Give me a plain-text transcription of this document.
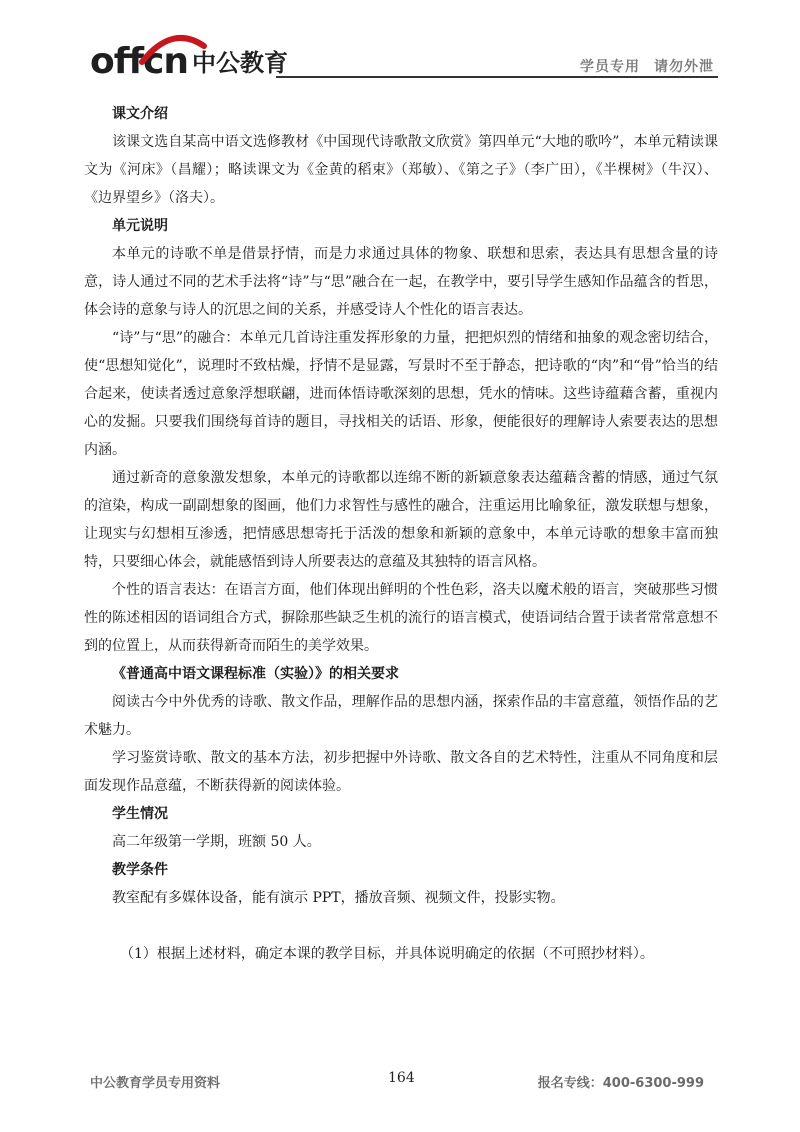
offcn 中公教育	学员专用 请勿外泄
课文介绍

该课文选自某高中语文选修教材《中国现代诗歌散文欣赏》第四单元“大地的歌吟”，本单元精读课文为《河床》（昌耀）；略读课文为《金黄的稻束》（郑敏）、《第之子》（李广田），《半棵树》（牛汉）、《边界望乡》（洛夫）。

单元说明

本单元的诗歌不单是借景抒情，而是力求通过具体的物象、联想和思索，表达具有思想含量的诗意，诗人通过不同的艺术手法将“诗”与“思”融合在一起，在教学中，要引导学生感知作品蕴含的哲思，体会诗的意象与诗人的沉思之间的关系，并感受诗人个性化的语言表达。

“诗”与“思”的融合：本单元几首诗注重发挥形象的力量，把把炽烈的情绪和抽象的观念密切结合，使“思想知觉化”，说理时不致枯燥，抒情不是显露，写景时不至于静态，把诗歌的“肉”和“骨”恰当的结合起来，使读者透过意象浮想联翩，进而体悟诗歌深刻的思想，凭水的情味。这些诗蕴藉含蓄，重视内心的发掘。只要我们围绕每首诗的题目，寻找相关的话语、形象，便能很好的理解诗人索要表达的思想内涵。

通过新奇的意象激发想象，本单元的诗歌都以连绵不断的新颖意象表达蕴藉含蓄的情感，通过气氛的渲染，构成一副副想象的图画，他们力求智性与感性的融合，注重运用比喻象征，激发联想与想象，让现实与幻想相互渗透，把情感思想寄托于活泼的想象和新颖的意象中，本单元诗歌的想象丰富而独特，只要细心体会，就能感悟到诗人所要表达的意蕴及其独特的语言风格。

个性的语言表达：在语言方面，他们体现出鲜明的个性色彩，洛夫以魔术般的语言，突破那些习惯性的陈述相因的语词组合方式，摒除那些缺乏生机的流行的语言模式，使语词结合置于读者常常意想不到的位置上，从而获得新奇而陌生的美学效果。

《普通高中语文课程标准（实验）》的相关要求

阅读古今中外优秀的诗歌、散文作品，理解作品的思想内涵，探索作品的丰富意蕴，领悟作品的艺术魅力。

学习鉴赏诗歌、散文的基本方法，初步把握中外诗歌、散文各自的艺术特性，注重从不同角度和层面发现作品意蕴，不断获得新的阅读体验。

学生情况

高二年级第一学期，班额 50 人。

教学条件

教室配有多媒体设备，能有演示 PPT，播放音频、视频文件，投影实物。

（1）根据上述材料，确定本课的教学目标，并具体说明确定的依据（不可照抄材料）。
中公教育学员专用资料	164	报名专线：400-6300-999
